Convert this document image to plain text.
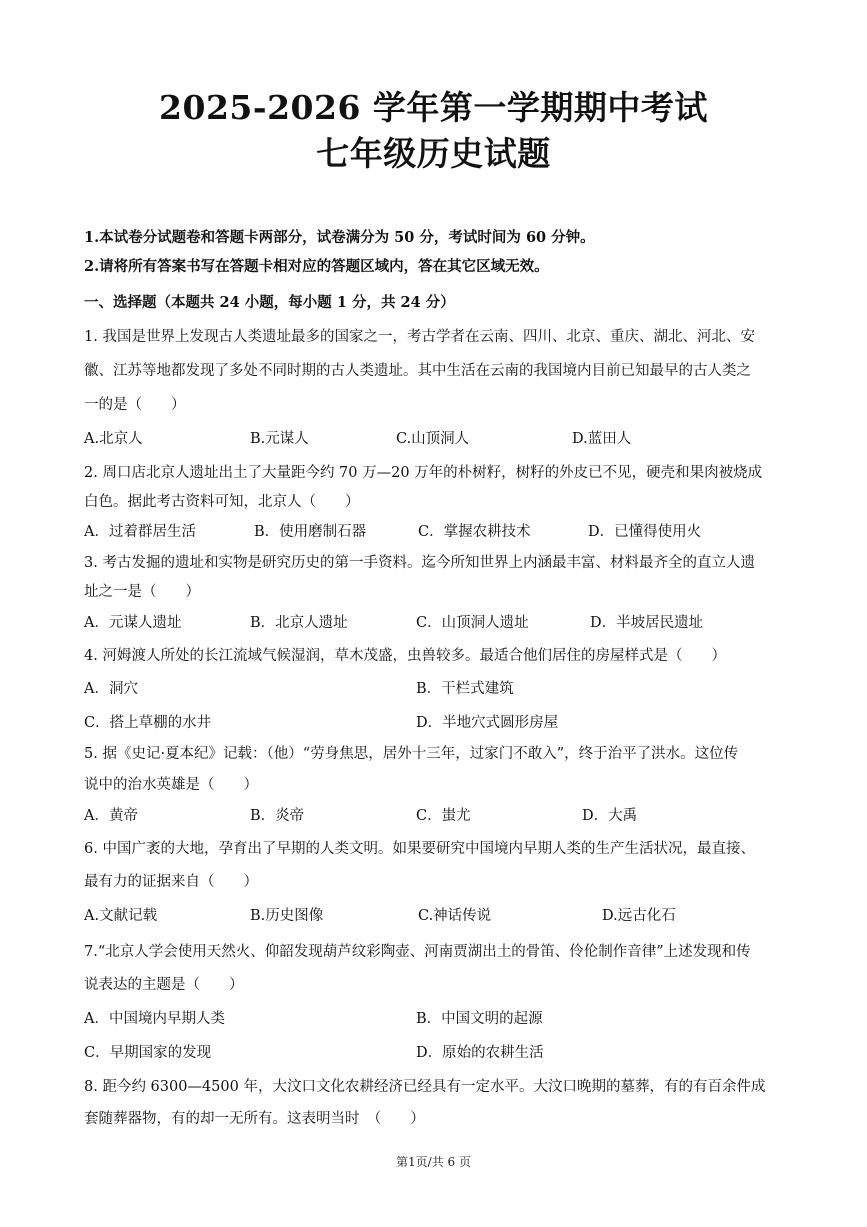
2025-2026 学年第一学期期中考试
七年级历史试题
1.本试卷分试题卷和答题卡两部分，试卷满分为 50 分，考试时间为 60 分钟。
2.请将所有答案书写在答题卡相对应的答题区域内，答在其它区域无效。
一、选择题（本题共 24 小题，每小题 1 分，共 24 分）
1. 我国是世界上发现古人类遗址最多的国家之一，考古学者在云南、四川、北京、重庆、湖北、河北、安
徽、江苏等地都发现了多处不同时期的古人类遗址。其中生活在云南的我国境内目前已知最早的古人类之
一的是（　　）
A.北京人	B.元谋人	C.山顶洞人	D.蓝田人
2. 周口店北京人遗址出土了大量距今约 70 万—20 万年的朴树籽，树籽的外皮已不见，硬壳和果肉被烧成
白色。据此考古资料可知，北京人（　　）
A．过着群居生活	B．使用磨制石器	C．掌握农耕技术	D．已懂得使用火
3. 考古发掘的遗址和实物是研究历史的第一手资料。迄今所知世界上内涵最丰富、材料最齐全的直立人遗
址之一是（　　）
A．元谋人遗址	B．北京人遗址	C．山顶洞人遗址	D．半坡居民遗址
4. 河姆渡人所处的长江流域气候湿润，草木茂盛，虫兽较多。最适合他们居住的房屋样式是（　　）
A．洞穴	B．干栏式建筑
C．搭上草棚的水井	D．半地穴式圆形房屋
5. 据《史记·夏本纪》记载：（他）“劳身焦思，居外十三年，过家门不敢入”，终于治平了洪水。这位传
说中的治水英雄是（　　）
A．黄帝	B．炎帝	C．蚩尤	D．大禹
6. 中国广袤的大地，孕育出了早期的人类文明。如果要研究中国境内早期人类的生产生活状况，最直接、
最有力的证据来自（　　）
A.文献记载	B.历史图像	C.神话传说	D.远古化石
7.“北京人学会使用天然火、仰韶发现葫芦纹彩陶壶、河南贾湖出土的骨笛、伶伦制作音律”上述发现和传
说表达的主题是（　　）
A．中国境内早期人类	B．中国文明的起源
C．早期国家的发现	D．原始的农耕生活
8. 距今约 6300—4500 年，大汶口文化农耕经济已经具有一定水平。大汶口晚期的墓葬，有的有百余件成
套随葬器物，有的却一无所有。这表明当时　（　　）
第1页/共 6 页
